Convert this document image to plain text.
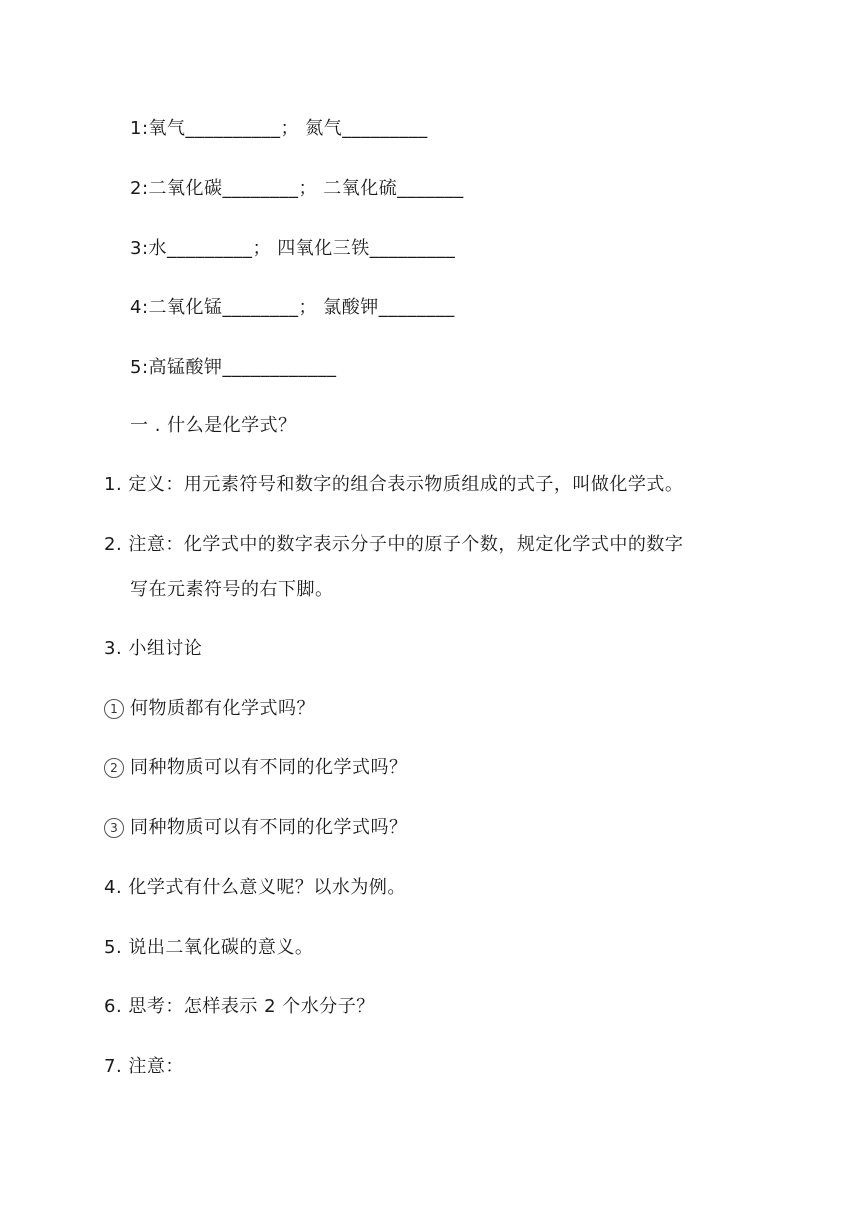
1:氧气__________； 氮气_________
2:二氧化碳________； 二氧化硫_______
3:水_________； 四氧化三铁_________
4:二氧化锰________； 氯酸钾________
5:高锰酸钾____________
一 . 什么是化学式？
1. 定义：用元素符号和数字的组合表示物质组成的式子，叫做化学式。
2. 注意：化学式中的数字表示分子中的原子个数，规定化学式中的数字
写在元素符号的右下脚。
3. 小组讨论
1 何物质都有化学式吗？
2 同种物质可以有不同的化学式吗？
3 同种物质可以有不同的化学式吗？
4. 化学式有什么意义呢？以水为例。
5. 说出二氧化碳的意义。
6. 思考：怎样表示 2 个水分子？
7. 注意：
